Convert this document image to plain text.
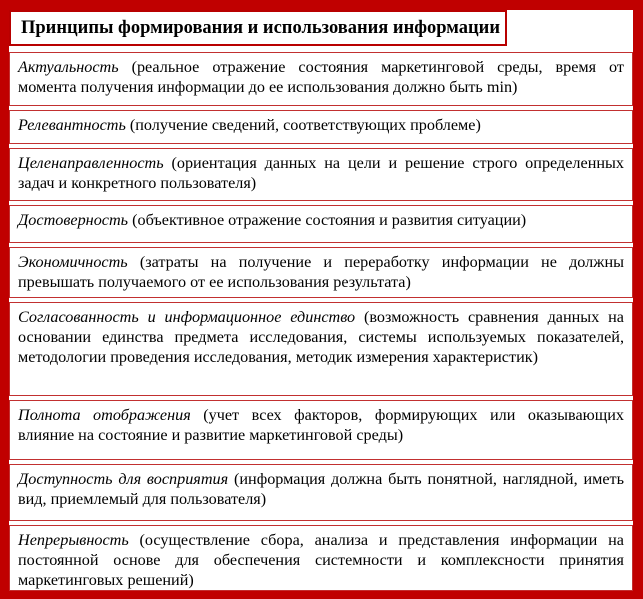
Принципы формирования и использования информации
Актуальность (реальное отражение состояния маркетинговой среды, время от момента получения информации до ее использования должно быть min)
Релевантность (получение сведений, соответствующих проблеме)
Целенаправленность (ориентация данных на цели и решение строго определенных задач и конкретного пользователя)
Достоверность (объективное отражение состояния и развития ситуации)
Экономичность (затраты на получение и переработку информации не должны превышать получаемого от ее использования результата)
Согласованность и информационное единство (возможность сравнения данных на основании единства предмета исследования, системы используемых показателей, методологии проведения исследования, методик измерения характеристик)
Полнота отображения (учет всех факторов, формирующих или оказывающих влияние на состояние и развитие маркетинговой среды)
Доступность для восприятия (информация должна быть понятной, наглядной, иметь вид, приемлемый для пользователя)
Непрерывность (осуществление сбора, анализа и представления информации на постоянной основе для обеспечения системности и комплексности принятия маркетинговых решений)
